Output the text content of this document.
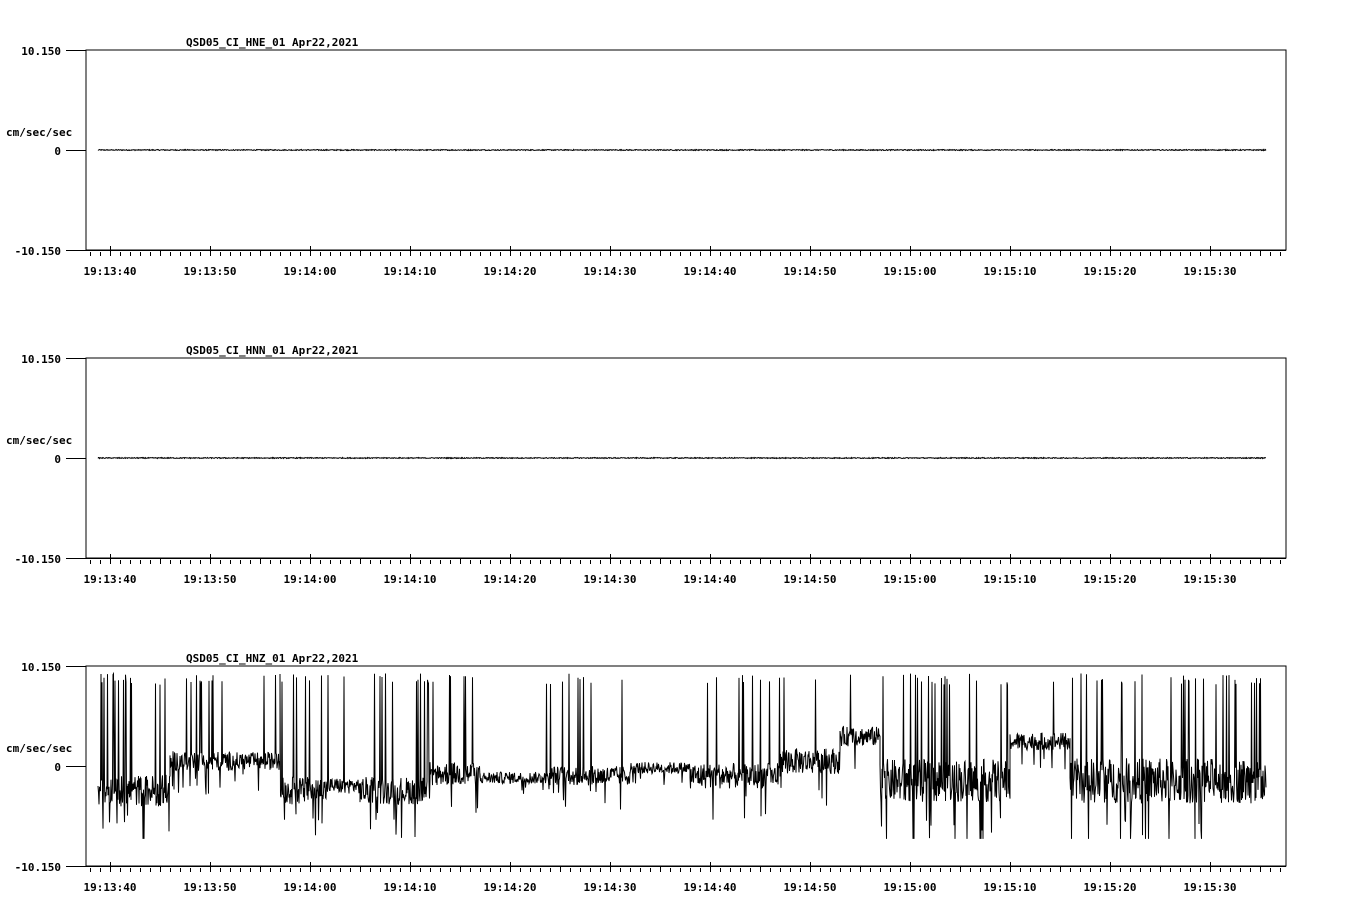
QSD05_CI_HNE_01 Apr22,2021
cm/sec/sec
10.150
0
-10.150
19:13:40	19:13:50	19:14:00	19:14:10	19:14:20	19:14:30	19:14:40	19:14:50	19:15:00	19:15:10	19:15:20	19:15:30
QSD05_CI_HNN_01 Apr22,2021
cm/sec/sec
10.150
0
-10.150
19:13:40	19:13:50	19:14:00	19:14:10	19:14:20	19:14:30	19:14:40	19:14:50	19:15:00	19:15:10	19:15:20	19:15:30
QSD05_CI_HNZ_01 Apr22,2021
cm/sec/sec
10.150
0
-10.150
19:13:40	19:13:50	19:14:00	19:14:10	19:14:20	19:14:30	19:14:40	19:14:50	19:15:00	19:15:10	19:15:20	19:15:30
